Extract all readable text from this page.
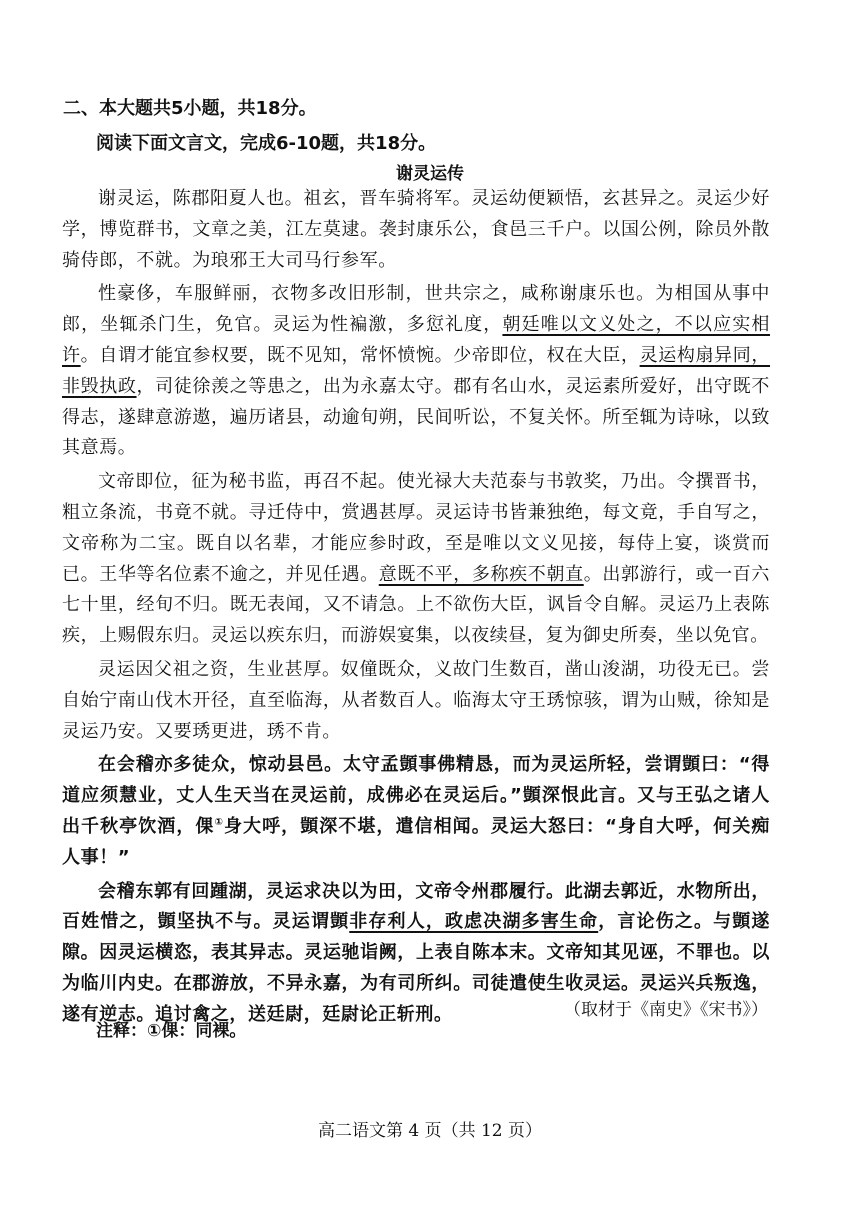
二、本大题共5小题，共18分。

阅读下面文言文，完成6-10题，共18分。

谢灵运传

谢灵运，陈郡阳夏人也。祖玄，晋车骑将军。灵运幼便颖悟，玄甚异之。灵运少好学，博览群书，文章之美，江左莫逮。袭封康乐公，食邑三千户。以国公例，除员外散骑侍郎，不就。为琅邪王大司马行参军。

性豪侈，车服鲜丽，衣物多改旧形制，世共宗之，咸称谢康乐也。为相国从事中郎，坐辄杀门生，免官。灵运为性褊激，多愆礼度，朝廷唯以文义处之，不以应实相许。自谓才能宜参权要，既不见知，常怀愤惋。少帝即位，权在大臣，灵运构扇异同，非毁执政，司徒徐羡之等患之，出为永嘉太守。郡有名山水，灵运素所爱好，出守既不得志，遂肆意游遨，遍历诸县，动逾旬朔，民间听讼，不复关怀。所至辄为诗咏，以致其意焉。

文帝即位，征为秘书监，再召不起。使光禄大夫范泰与书敦奖，乃出。令撰晋书，粗立条流，书竟不就。寻迁侍中，赏遇甚厚。灵运诗书皆兼独绝，每文竟，手自写之，文帝称为二宝。既自以名辈，才能应参时政，至是唯以文义见接，每侍上宴，谈赏而已。王华等名位素不逾之，并见任遇。意既不平，多称疾不朝直。出郭游行，或一百六七十里，经旬不归。既无表闻，又不请急。上不欲伤大臣，讽旨令自解。灵运乃上表陈疾，上赐假东归。灵运以疾东归，而游娱宴集，以夜续昼，复为御史所奏，坐以免官。

灵运因父祖之资，生业甚厚。奴僮既众，义故门生数百，凿山浚湖，功役无已。尝自始宁南山伐木开径，直至临海，从者数百人。临海太守王琇惊骇，谓为山贼，徐知是灵运乃安。又要琇更进，琇不肯。

在会稽亦多徒众，惊动县邑。太守孟顗事佛精恳，而为灵运所轻，尝谓顗曰：“得道应须慧业，丈人生天当在灵运前，成佛必在灵运后。”顗深恨此言。又与王弘之诸人出千秋亭饮酒，倮①身大呼，顗深不堪，遣信相闻。灵运大怒曰：“身自大呼，何关痴人事！”

会稽东郭有回踵湖，灵运求决以为田，文帝令州郡履行。此湖去郭近，水物所出，百姓惜之，顗坚执不与。灵运谓顗非存利人，政虑决湖多害生命，言论伤之。与顗遂隙。因灵运横恣，表其异志。灵运驰诣阙，上表自陈本末。文帝知其见诬，不罪也。以为临川内史。在郡游放，不异永嘉，为有司所纠。司徒遣使生收灵运。灵运兴兵叛逸，遂有逆志。追讨禽之，送廷尉，廷尉论正斩刑。	（取材于《南史》《宋书》）

注释：①倮：同裸。

高二语文第 4 页（共 12 页）
